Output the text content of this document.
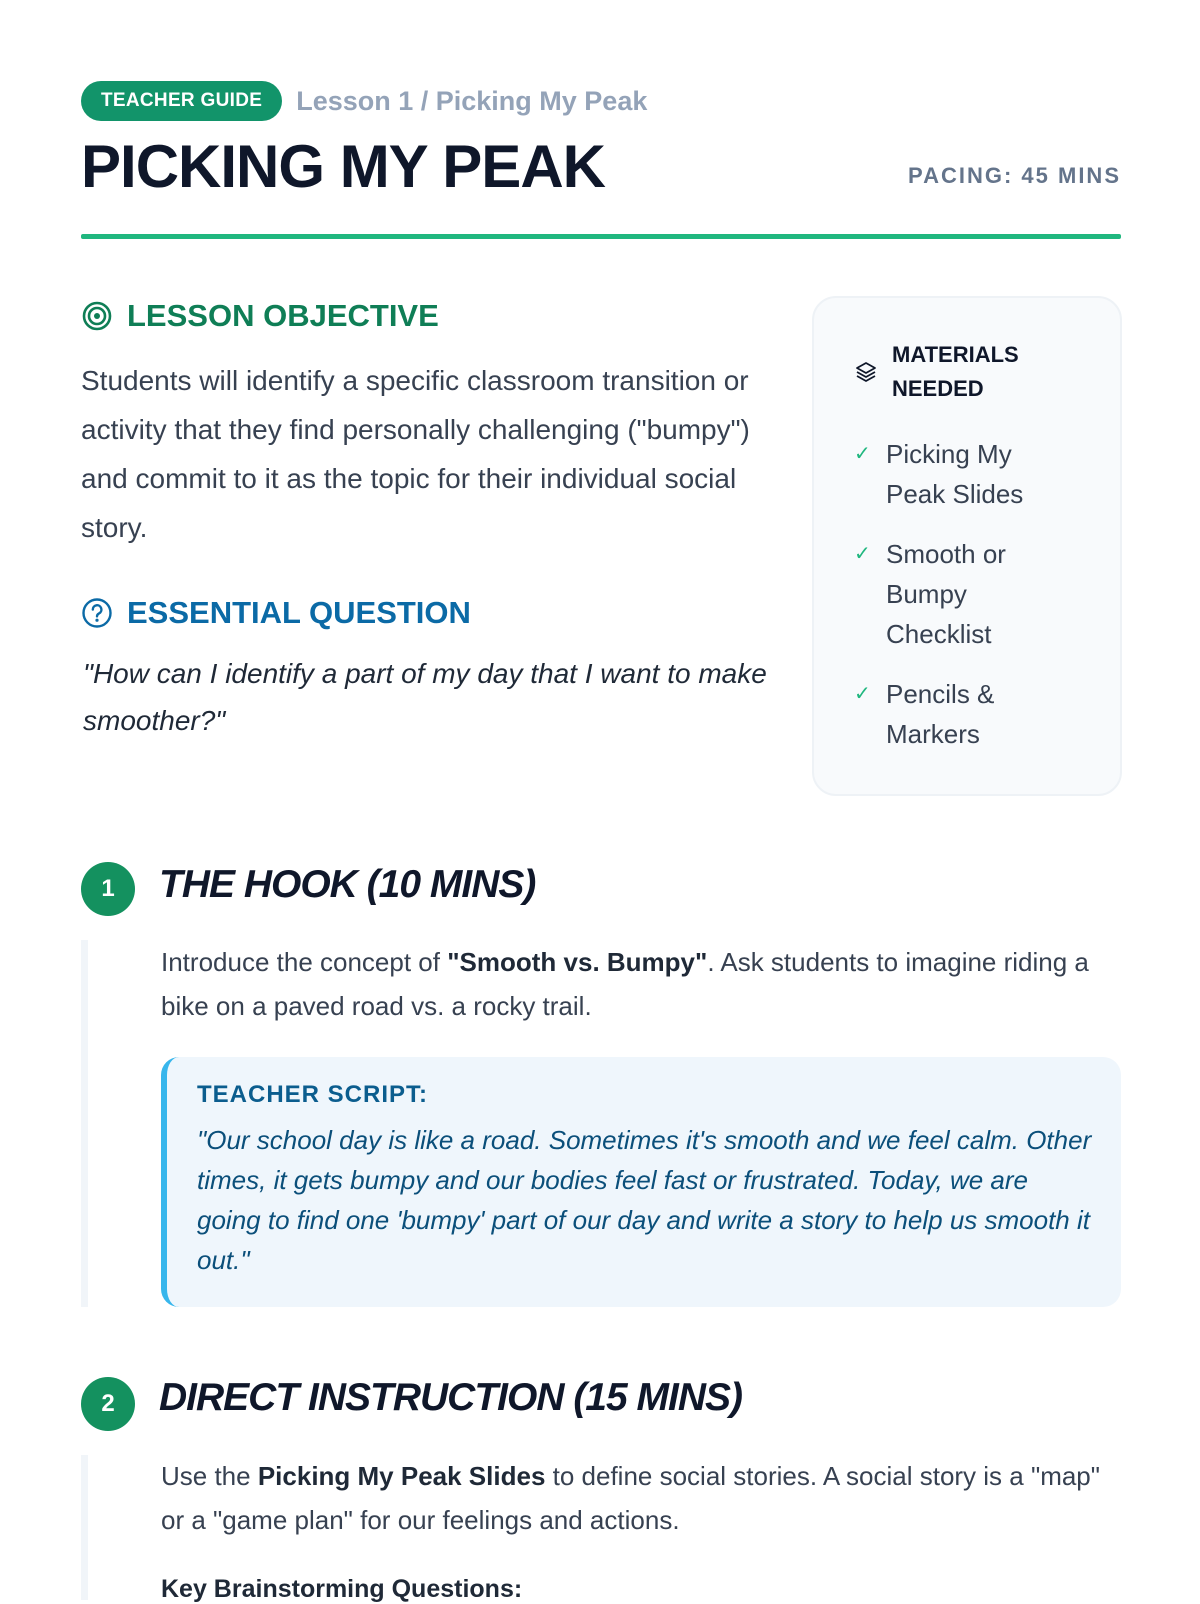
TEACHER GUIDE	Lesson 1 / Picking My Peak
PICKING MY PEAK	PACING: 45 MINS
LESSON OBJECTIVE

Students will identify a specific classroom transition or activity that they find personally challenging ("bumpy") and commit to it as the topic for their individual social story.

ESSENTIAL QUESTION

"How can I identify a part of my day that I want to make smoother?"

MATERIALS NEEDED
✓ Picking My Peak Slides
✓ Smooth or Bumpy Checklist
✓ Pencils & Markers
1	THE HOOK (10 MINS)

Introduce the concept of "Smooth vs. Bumpy". Ask students to imagine riding a bike on a paved road vs. a rocky trail.

TEACHER SCRIPT:

"Our school day is like a road. Sometimes it's smooth and we feel calm. Other times, it gets bumpy and our bodies feel fast or frustrated. Today, we are going to find one 'bumpy' part of our day and write a story to help us smooth it out."

2	DIRECT INSTRUCTION (15 MINS)

Use the Picking My Peak Slides to define social stories. A social story is a "map" or a "game plan" for our feelings and actions.

Key Brainstorming Questions:
